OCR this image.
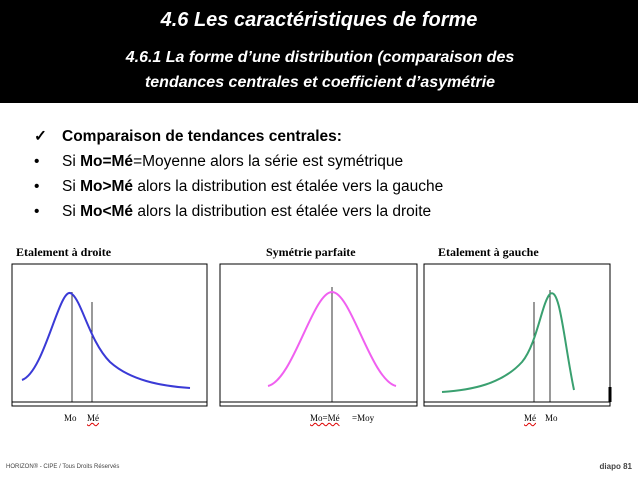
4.6 Les caractéristiques de forme
4.6.1 La forme d’une distribution (comparaison des
tendances centrales et coefficient d’asymétrie
✓ Comparaison de tendances centrales:
•	Si Mo=Mé=Moyenne alors la série est symétrique
•	Si Mo>Mé alors la distribution est étalée vers la gauche
•	Si Mo<Mé alors la distribution est étalée vers la droite
Etalement à droite
Mo Mé
Symétrie parfaite
Mo=Mé =Moy
Etalement à gauche
Mé Mo
HORIZON® - CIPE / Tous Droits Réservés	diapo 81
